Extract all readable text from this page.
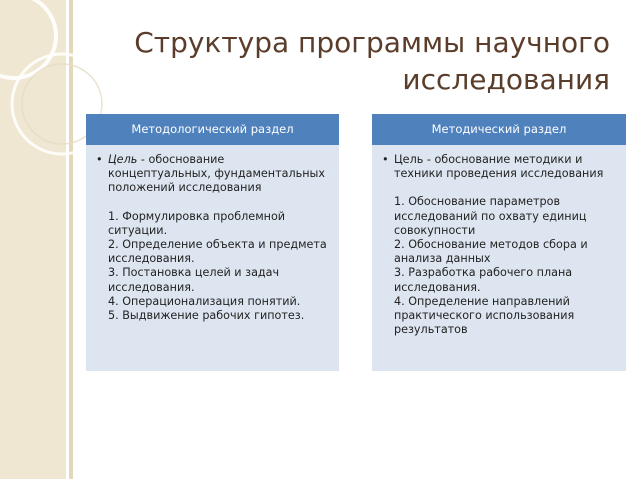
Структура программы научного
исследования
Методологический раздел
• Цель - обоснование концептуальных, фундаментальных положений исследования
1. Формулировка проблемной ситуации.
2. Определение объекта и предмета исследования.
3. Постановка целей и задач исследования.
4. Операционализация понятий.
5. Выдвижение рабочих гипотез.
Методический раздел
• Цель - обоснование методики и техники проведения исследования
1. Обоснование параметров исследований по охвату единиц совокупности
2. Обоснование методов сбора и анализа данных
3. Разработка рабочего плана исследования.
4. Определение направлений практического использования результатов
